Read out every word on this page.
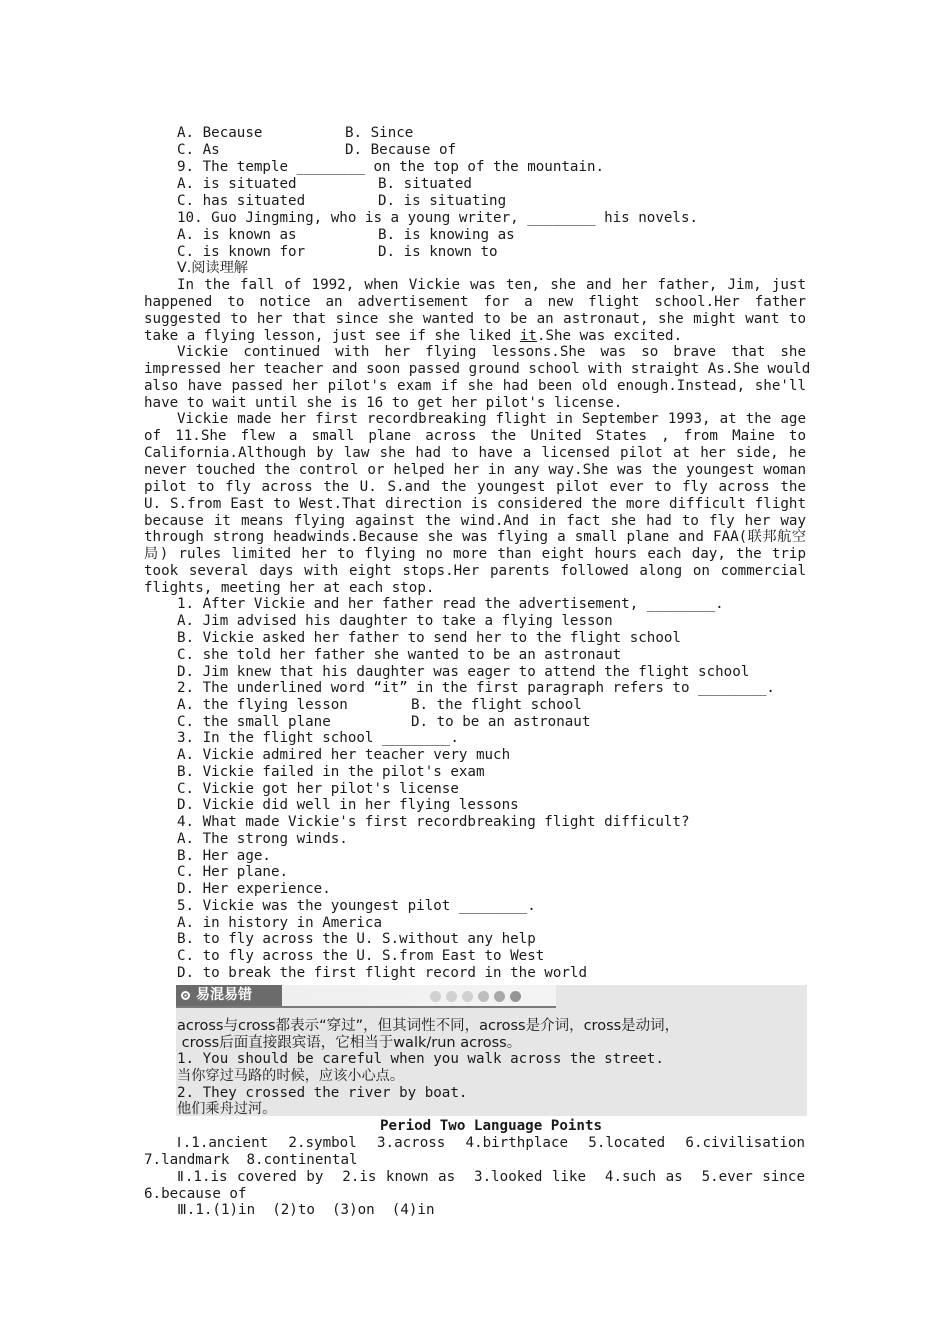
A. Because	B. Since
C. As	D. Because of
9. The temple ________ on the top of the mountain.
A. is situated	B. situated
C. has situated	D. is situating
10. Guo Jingming, who is a young writer, ________ his novels.
A. is known as	B. is knowing as
C. is known for	D. is known to
Ⅴ.阅读理解
In the fall of 1992, when Vickie was ten, she and her father, Jim, just
happened to notice an advertisement for a new flight school.Her father
suggested to her that since she wanted to be an astronaut, she might want to
take a flying lesson, just see if she liked it.She was excited.
Vickie continued with her flying lessons.She was so brave that she
impressed her teacher and soon passed ground school with straight As.She would
also have passed her pilot's exam if she had been old enough.Instead, she'll
have to wait until she is 16 to get her pilot's license.
Vickie made her first recordbreaking flight in September 1993, at the age
of 11.She flew a small plane across the United States , from Maine to
California.Although by law she had to have a licensed pilot at her side, he
never touched the control or helped her in any way.She was the youngest woman
pilot to fly across the U. S.and the youngest pilot ever to fly across the
U. S.from East to West.That direction is considered the more difficult flight
because it means flying against the wind.And in fact she had to fly her way
through strong headwinds.Because she was flying a small plane and FAA(联邦航空
局) rules limited her to flying no more than eight hours each day, the trip
took several days with eight stops.Her parents followed along on commercial
flights, meeting her at each stop.
1. After Vickie and her father read the advertisement, ________.
A. Jim advised his daughter to take a flying lesson
B. Vickie asked her father to send her to the flight school
C. she told her father she wanted to be an astronaut
D. Jim knew that his daughter was eager to attend the flight school
2. The underlined word “it” in the first paragraph refers to ________.
A. the flying lesson	B. the flight school
C. the small plane	D. to be an astronaut
3. In the flight school ________.
A. Vickie admired her teacher very much
B. Vickie failed in the pilot's exam
C. Vickie got her pilot's license
D. Vickie did well in her flying lessons
4. What made Vickie's first recordbreaking flight difficult?
A. The strong winds.
B. Her age.
C. Her plane.
D. Her experience.
5. Vickie was the youngest pilot ________.
A. in history in America
B. to fly across the U. S.without any help
C. to fly across the U. S.from East to West
D. to break the first flight record in the world
易混易错
across与cross都表示“穿过”，但其词性不同，across是介词，cross是动词，
cross后面直接跟宾语，它相当于walk/run across。
1. You should be careful when you walk across the street.
当你穿过马路的时候，应该小心点。
2. They crossed the river by boat.
他们乘舟过河。
Period Two Language Points
Ⅰ.1.ancient  2.symbol  3.across  4.birthplace  5.located  6.civilisation
7.landmark  8.continental
Ⅱ.1.is covered by  2.is known as  3.looked like  4.such as  5.ever since
6.because of
Ⅲ.1.(1)in  (2)to  (3)on  (4)in
